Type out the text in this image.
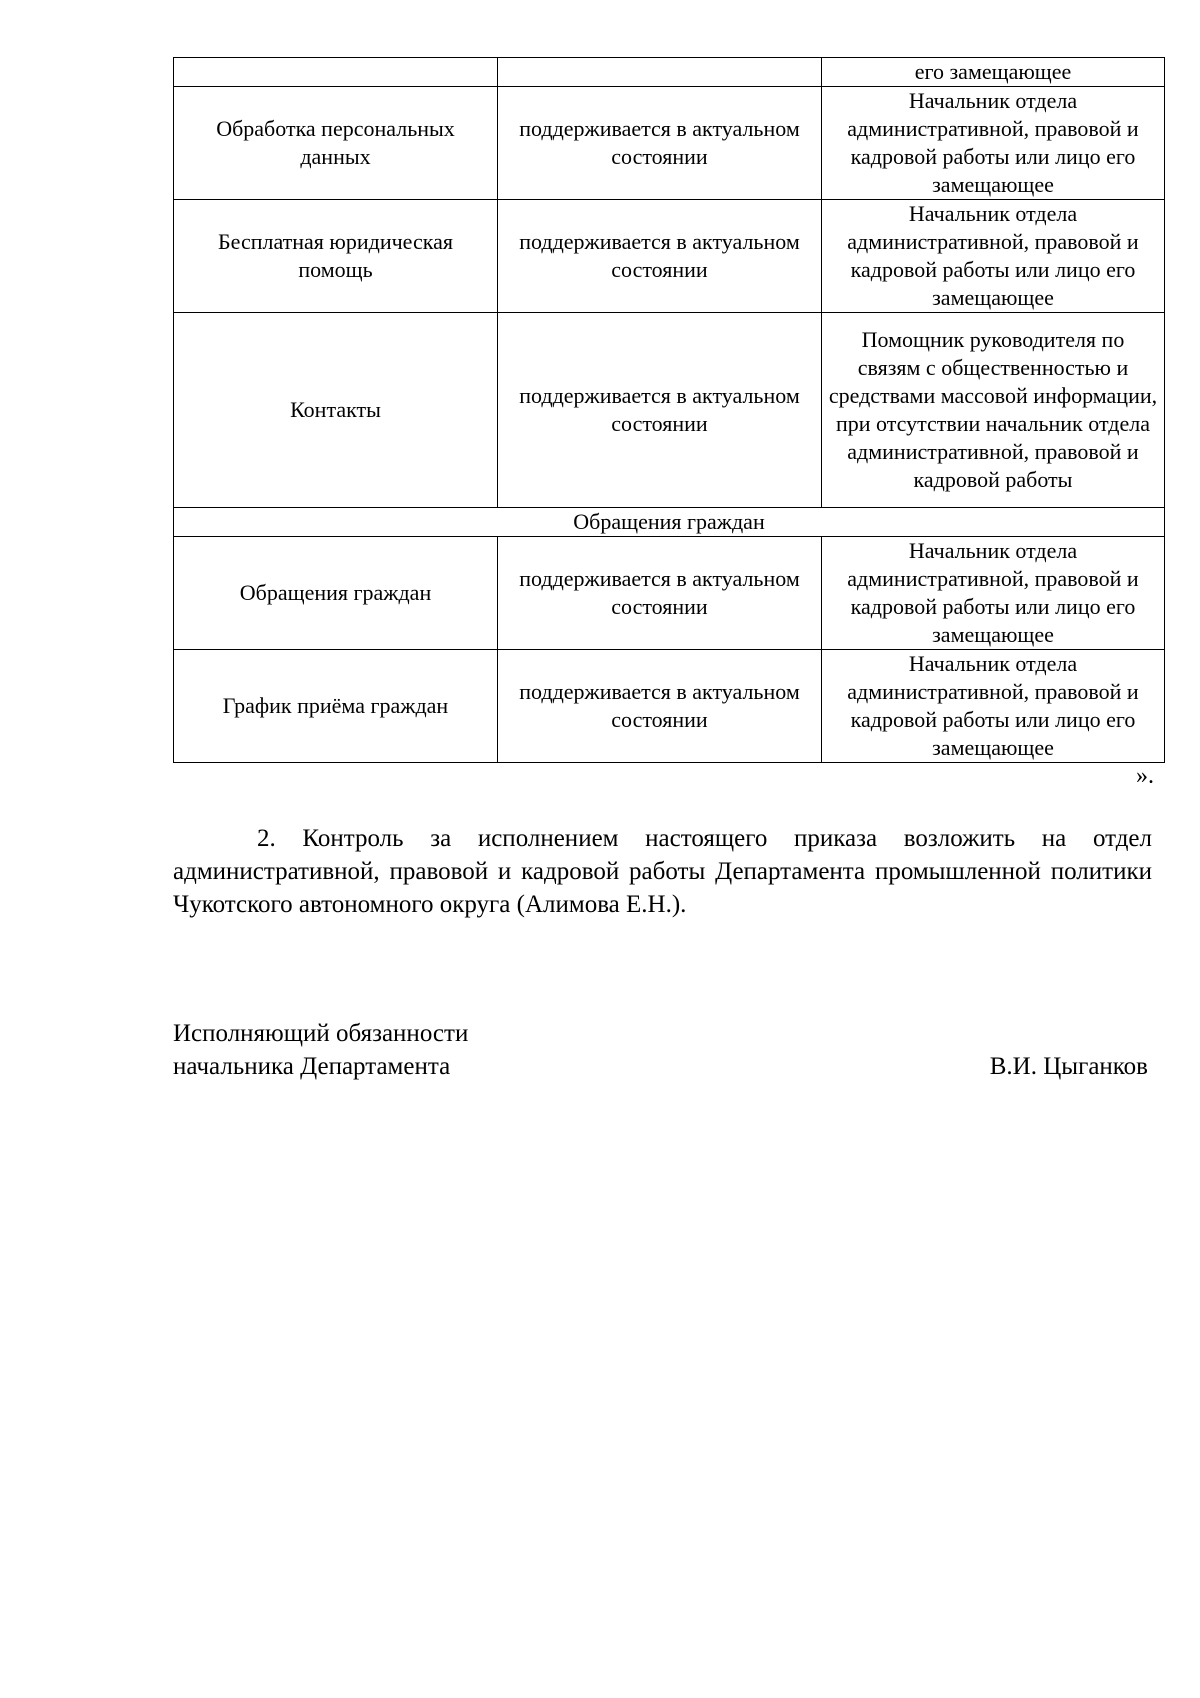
		его замещающее
Обработка персональных данных	поддерживается в актуальном состоянии	Начальник отдела административной, правовой и кадровой работы или лицо его замещающее
Бесплатная юридическая помощь	поддерживается в актуальном состоянии	Начальник отдела административной, правовой и кадровой работы или лицо его замещающее
Контакты	поддерживается в актуальном состоянии	Помощник руководителя по связям с общественностью и средствами массовой информации, при отсутствии начальник отдела административной, правовой и кадровой работы
Обращения граждан		
Обращения граждан	поддерживается в актуальном состоянии	Начальник отдела административной, правовой и кадровой работы или лицо его замещающее
График приёма граждан	поддерживается в актуальном состоянии	Начальник отдела административной, правовой и кадровой работы или лицо его замещающее
».

2. Контроль за исполнением настоящего приказа возложить на отдел административной, правовой и кадровой работы Департамента промышленной политики Чукотского автономного округа (Алимова Е.Н.).

Исполняющий обязанности
начальника Департамента	В.И. Цыганков
